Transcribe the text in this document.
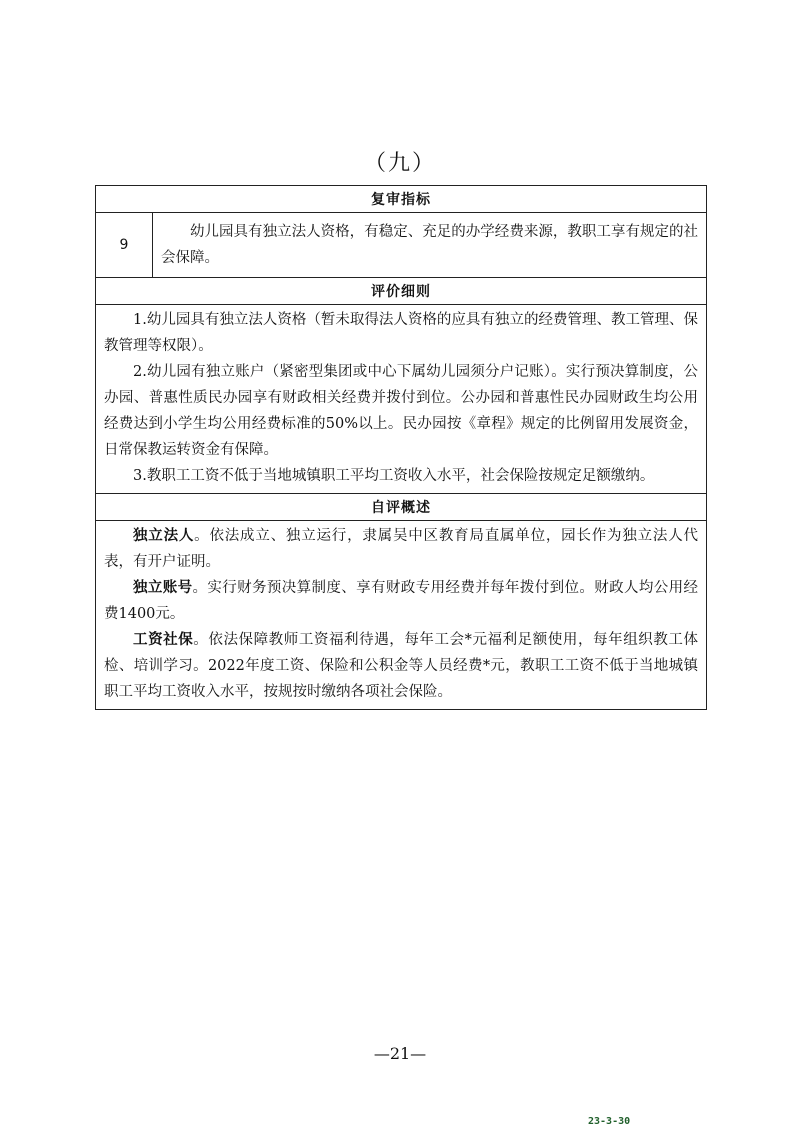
（九）
复审指标
9	幼儿园具有独立法人资格，有稳定、充足的办学经费来源，教职工享有规定的社会保障。
评价细则

1.幼儿园具有独立法人资格（暂未取得法人资格的应具有独立的经费管理、教工管理、保教管理等权限）。

2.幼儿园有独立账户（紧密型集团或中心下属幼儿园须分户记账）。实行预决算制度，公办园、普惠性质民办园享有财政相关经费并拨付到位。公办园和普惠性民办园财政生均公用经费达到小学生均公用经费标准的50%以上。民办园按《章程》规定的比例留用发展资金，日常保教运转资金有保障。

3.教职工工资不低于当地城镇职工平均工资收入水平，社会保险按规定足额缴纳。

自评概述

独立法人。依法成立、独立运行，隶属吴中区教育局直属单位，园长作为独立法人代表，有开户证明。

独立账号。实行财务预决算制度、享有财政专用经费并每年拨付到位。财政人均公用经费1400元。

工资社保。依法保障教师工资福利待遇，每年工会*元福利足额使用，每年组织教工体检、培训学习。2022年度工资、保险和公积金等人员经费*元，教职工工资不低于当地城镇职工平均工资收入水平，按规按时缴纳各项社会保险。

—21—
23-3-30
